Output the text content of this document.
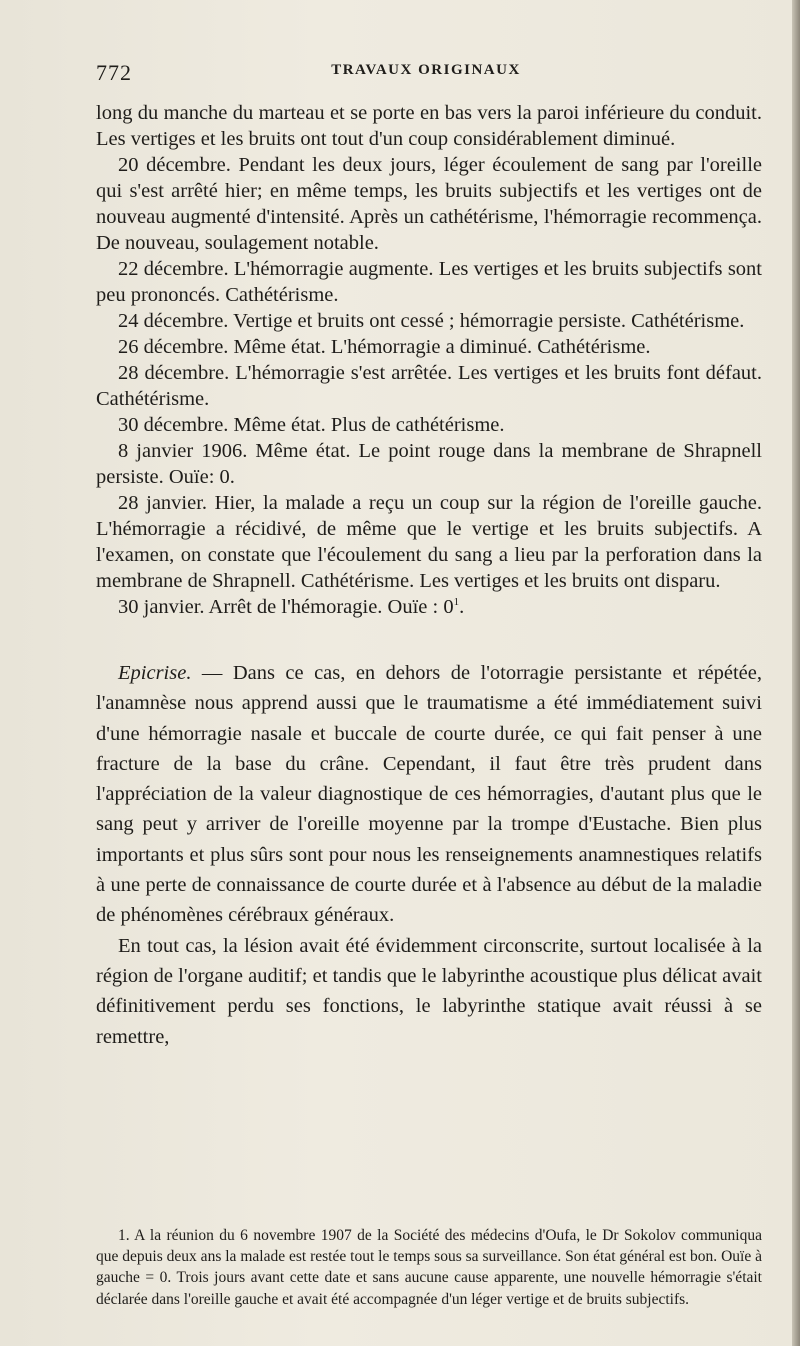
772	TRAVAUX ORIGINAUX

long du manche du marteau et se porte en bas vers la paroi inférieure du conduit. Les vertiges et les bruits ont tout d'un coup considérablement diminué.

20 décembre. Pendant les deux jours, léger écoulement de sang par l'oreille qui s'est arrêté hier; en même temps, les bruits subjectifs et les vertiges ont de nouveau augmenté d'intensité. Après un cathétérisme, l'hémorragie recommença. De nouveau, soulagement notable.

22 décembre. L'hémorragie augmente. Les vertiges et les bruits subjectifs sont peu prononcés. Cathétérisme.

24 décembre. Vertige et bruits ont cessé ; hémorragie persiste. Cathétérisme.

26 décembre. Même état. L'hémorragie a diminué. Cathétérisme.

28 décembre. L'hémorragie s'est arrêtée. Les vertiges et les bruits font défaut. Cathétérisme.

30 décembre. Même état. Plus de cathétérisme.

8 janvier 1906. Même état. Le point rouge dans la membrane de Shrapnell persiste. Ouïe: 0.

28 janvier. Hier, la malade a reçu un coup sur la région de l'oreille gauche. L'hémorragie a récidivé, de même que le vertige et les bruits subjectifs. A l'examen, on constate que l'écoulement du sang a lieu par la perforation dans la membrane de Shrapnell. Cathétérisme. Les vertiges et les bruits ont disparu.

30 janvier. Arrêt de l'hémoragie. Ouïe : $0^1$.

Epicrise. — Dans ce cas, en dehors de l'otorragie persistante et répétée, l'anamnèse nous apprend aussi que le traumatisme a été immédiatement suivi d'une hémorragie nasale et buccale de courte durée, ce qui fait penser à une fracture de la base du crâne. Cependant, il faut être très prudent dans l'appréciation de la valeur diagnostique de ces hémorragies, d'autant plus que le sang peut y arriver de l'oreille moyenne par la trompe d'Eustache. Bien plus importants et plus sûrs sont pour nous les renseignements anamnestiques relatifs à une perte de connaissance de courte durée et à l'absence au début de la maladie de phénomènes cérébraux généraux.

En tout cas, la lésion avait été évidemment circonscrite, surtout localisée à la région de l'organe auditif; et tandis que le labyrinthe acoustique plus délicat avait définitivement perdu ses fonctions, le labyrinthe statique avait réussi à se remettre,

1. A la réunion du 6 novembre 1907 de la Société des médecins d'Oufa, le Dr Sokolov communiqua que depuis deux ans la malade est restée tout le temps sous sa surveillance. Son état général est bon. Ouïe à gauche = 0. Trois jours avant cette date et sans aucune cause apparente, une nouvelle hémorragie s'était déclarée dans l'oreille gauche et avait été accompagnée d'un léger vertige et de bruits subjectifs.
